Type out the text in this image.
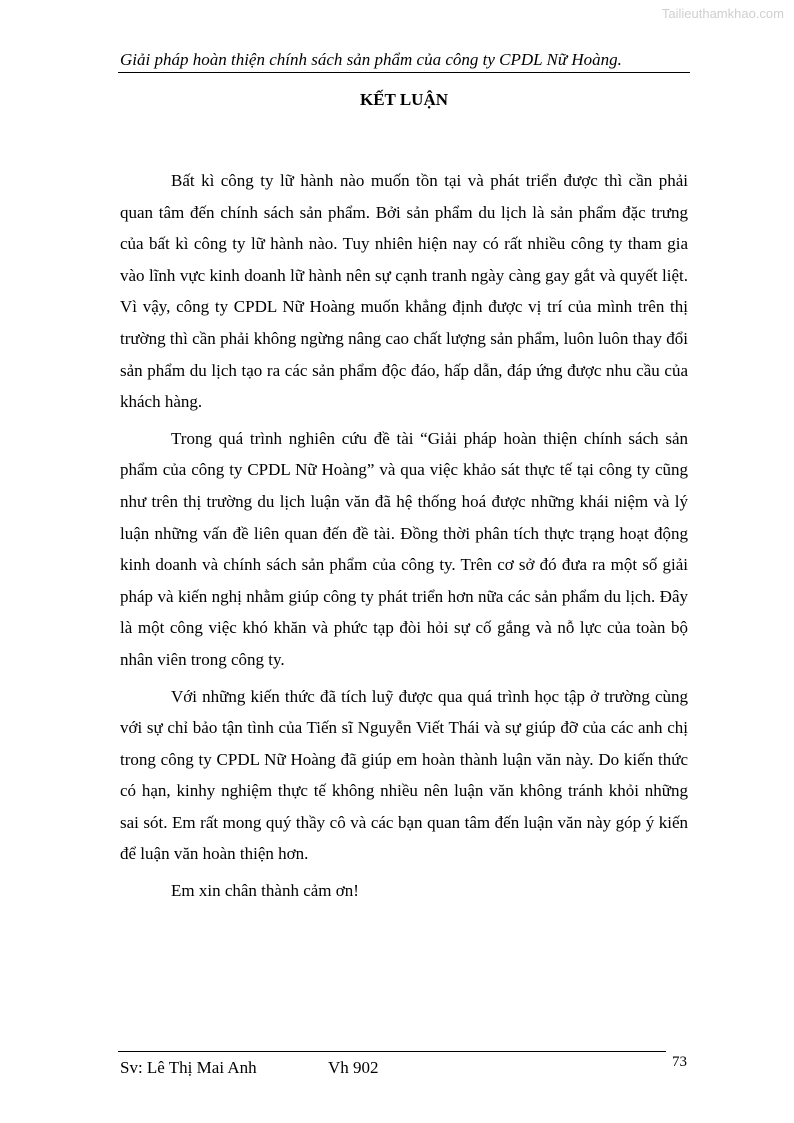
Tailieuthamkhao.com
Giải pháp hoàn thiện chính sách sản phẩm của công ty CPDL Nữ Hoàng.
KẾT LUẬN

Bất kì công ty lữ hành nào muốn tồn tại và phát triển được thì cần phải quan tâm đến chính sách sản phẩm. Bởi sản phẩm du lịch là sản phẩm đặc trưng của bất kì công ty lữ hành nào. Tuy nhiên hiện nay có rất nhiều công ty tham gia vào lĩnh vực kinh doanh lữ hành nên sự cạnh tranh ngày càng gay gắt và quyết liệt. Vì vậy, công ty CPDL Nữ Hoàng muốn khẳng định được vị trí của mình trên thị trường thì cần phải không ngừng nâng cao chất lượng sản phẩm, luôn luôn thay đổi sản phẩm du lịch tạo ra các sản phẩm độc đáo, hấp dẫn, đáp ứng được nhu cầu của khách hàng.

Trong quá trình nghiên cứu đề tài “Giải pháp hoàn thiện chính sách sản phẩm của công ty CPDL Nữ Hoàng” và qua việc khảo sát thực tế tại công ty cũng như trên thị trường du lịch luận văn đã hệ thống hoá được những khái niệm và lý luận những vấn đề liên quan đến đề tài. Đồng thời phân tích thực trạng hoạt động kinh doanh và chính sách sản phẩm của công ty. Trên cơ sở đó đưa ra một số giải pháp và kiến nghị nhằm giúp công ty phát triển hơn nữa các sản phẩm du lịch. Đây là một công việc khó khăn và phức tạp đòi hỏi sự cố gắng và nỗ lực của toàn bộ nhân viên trong công ty.

Với những kiến thức đã tích luỹ được qua quá trình học tập ở trường cùng với sự chỉ bảo tận tình của Tiến sĩ Nguyễn Viết Thái và sự giúp đỡ của các anh chị trong công ty CPDL Nữ Hoàng đã giúp em hoàn thành luận văn này. Do kiến thức có hạn, kinhy nghiệm thực tế không nhiều nên luận văn không tránh khỏi những sai sót. Em rất mong quý thầy cô và các bạn quan tâm đến luận văn này góp ý kiến để luận văn hoàn thiện hơn.

Em xin chân thành cảm ơn!

Sv: Lê Thị Mai Anh	Vh 902	73
